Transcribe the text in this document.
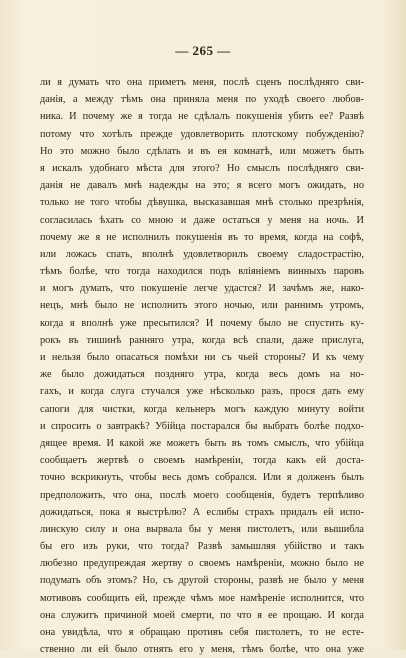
— 265 —
ли я думать что она приметъ меня, послѣ сценъ послѣдняго сви-
данія, а между тѣмъ она приняла меня по уходѣ своего любов-
ника. И почему же я тогда не сдѣлалъ покушенія убить ее? Развѣ
потому что хотѣлъ прежде удовлетворить плотскому побужденію?
Но это можно было сдѣлать и въ ея комнатѣ, или можетъ быть
я искалъ удобнаго мѣста для этого? Но смыслъ послѣдняго сви-
данія не давалъ мнѣ надежды на это; я всего могъ ожидать, но
только не того чтобы дѣвушка, высказавшая мнѣ столько презрѣнія,
согласилась ѣхать со мною и даже остаться у меня на ночь. И
почему же я не исполнилъ покушенія въ то время, когда на софѣ,
или ложась спать, вполнѣ удовлетворилъ своему сладострастію,
тѣмъ болѣе, что тогда находился подъ вліяніемъ винныхъ паровъ
и могъ думать, что покушеніе легче удастся? И зачѣмъ же, нако-
нецъ, мнѣ было не исполнить этого ночью, или раннимъ утромъ,
когда я вполнѣ уже пресытился? И почему было не спустить ку-
рокъ въ тишинѣ ранняго утра, когда всѣ спали, даже прислуга,
и нельзя было опасаться помѣхи ни съ чьей стороны? И къ чему
же было дожидаться поздняго утра, когда весь домъ на но-
гахъ, и когда слуга стучался уже нѣсколько разъ, прося дать ему
сапоги для чистки, когда кельнеръ могъ каждую минуту войти
и спросить о завтракѣ? Убійца постарался бы выбрать болѣе подхо-
дящее время. И какой же можетъ быть въ томъ смыслъ, что убійца
сообщаетъ жертвѣ о своемъ намѣреніи, тогда какъ ей доста-
точно вскрикнуть, чтобы весь домъ собрался. Или я долженъ былъ
предположить, что она, послѣ моего сообщенія, будетъ терпѣливо
дожидаться, пока я выстрѣлю? А еслибы страхъ придалъ ей испо-
линскую силу и она вырвала бы у меня пистолетъ, или вышибла
бы его изъ руки, что тогда? Развѣ замышляя убійство и такъ
любезно предупреждая жертву о своемъ намѣреніи, можно было не
подумать объ этомъ? Но, съ другой стороны, развѣ не было у меня
мотивовъ сообщить ей, прежде чѣмъ мое намѣреніе исполнится, что
она служитъ причиной моей смерти, по что я ее прощаю. И когда
она увидѣла, что я обращаю противъ себя пистолетъ, то не есте-
ственно ли ей было отнять его у меня, тѣмъ болѣе, что она уже
